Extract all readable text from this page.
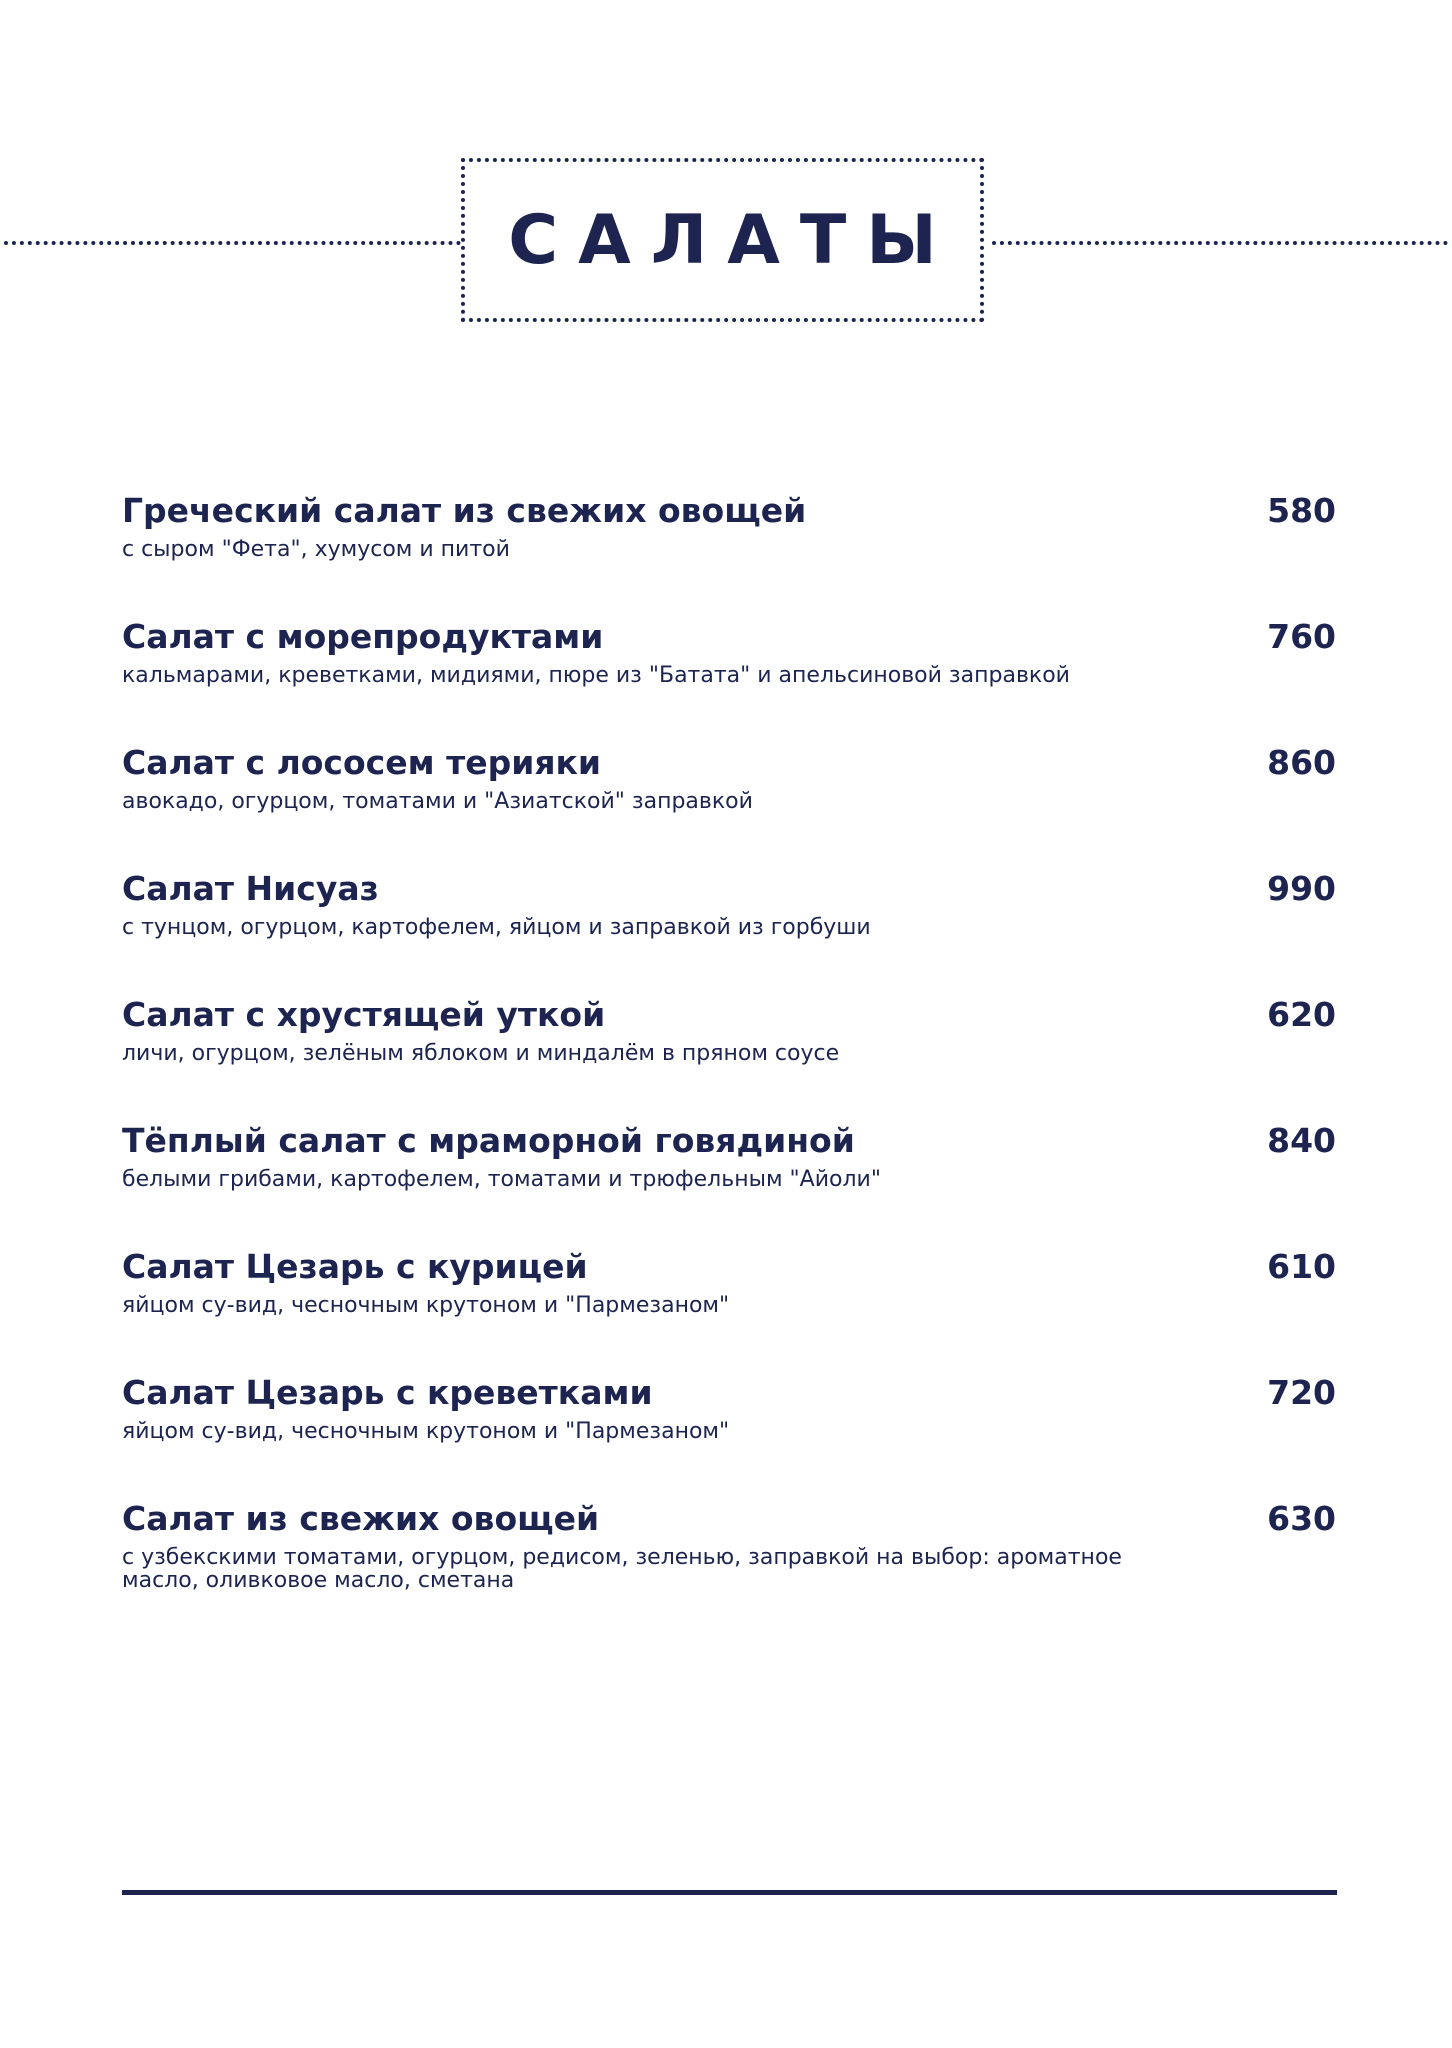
САЛАТЫ
Греческий салат из свежих овощей	580
с сыром "Фета", хумусом и питой
Салат с морепродуктами	760
кальмарами, креветками, мидиями, пюре из "Батата" и апельсиновой заправкой
Салат с лососем терияки	860
авокадо, огурцом, томатами и "Азиатской" заправкой
Салат Нисуаз	990
с тунцом, огурцом, картофелем, яйцом и заправкой из горбуши
Салат с хрустящей уткой	620
личи, огурцом, зелёным яблоком и миндалём в пряном соусе
Тёплый салат с мраморной говядиной	840
белыми грибами, картофелем, томатами и трюфельным "Айоли"
Салат Цезарь с курицей	610
яйцом су-вид, чесночным крутоном и "Пармезаном"
Салат Цезарь с креветками	720
яйцом су-вид, чесночным крутоном и "Пармезаном"
Салат из свежих овощей	630
с узбекскими томатами, огурцом, редисом, зеленью, заправкой на выбор: ароматное масло, оливковое масло, сметана
